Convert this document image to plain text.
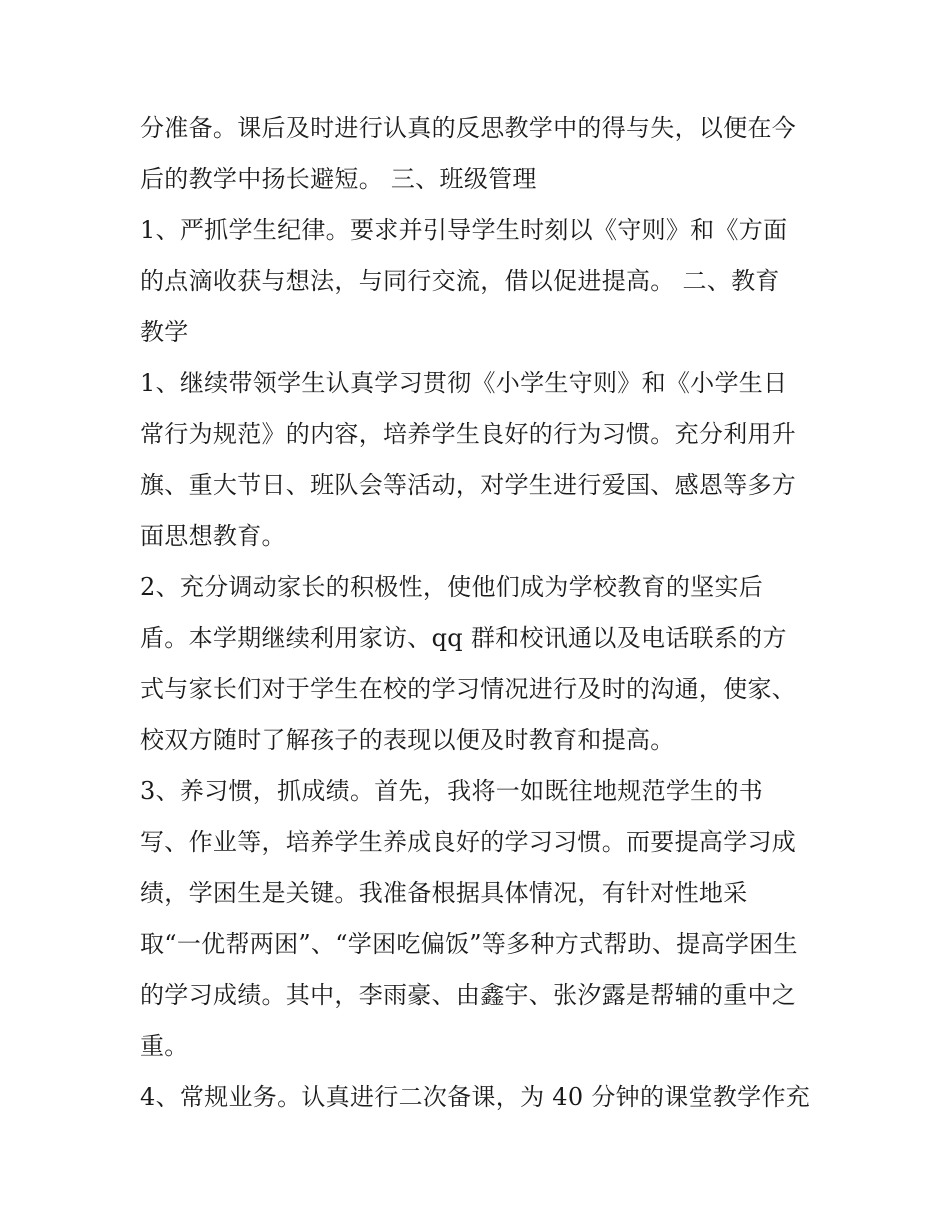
分准备。课后及时进行认真的反思教学中的得与失，以便在今
后的教学中扬长避短。 三、班级管理
1、严抓学生纪律。要求并引导学生时刻以《守则》和《方面
的点滴收获与想法，与同行交流，借以促进提高。 二、教育
教学
1、继续带领学生认真学习贯彻《小学生守则》和《小学生日
常行为规范》的内容，培养学生良好的行为习惯。充分利用升
旗、重大节日、班队会等活动，对学生进行爱国、感恩等多方
面思想教育。
2、充分调动家长的积极性，使他们成为学校教育的坚实后
盾。本学期继续利用家访、qq 群和校讯通以及电话联系的方
式与家长们对于学生在校的学习情况进行及时的沟通，使家、
校双方随时了解孩子的表现以便及时教育和提高。
3、养习惯，抓成绩。首先，我将一如既往地规范学生的书
写、作业等，培养学生养成良好的学习习惯。而要提高学习成
绩，学困生是关键。我准备根据具体情况，有针对性地采
取“一优帮两困”、“学困吃偏饭”等多种方式帮助、提高学困生
的学习成绩。其中，李雨豪、由鑫宇、张汐露是帮辅的重中之
重。
4、常规业务。认真进行二次备课，为 40 分钟的课堂教学作充
